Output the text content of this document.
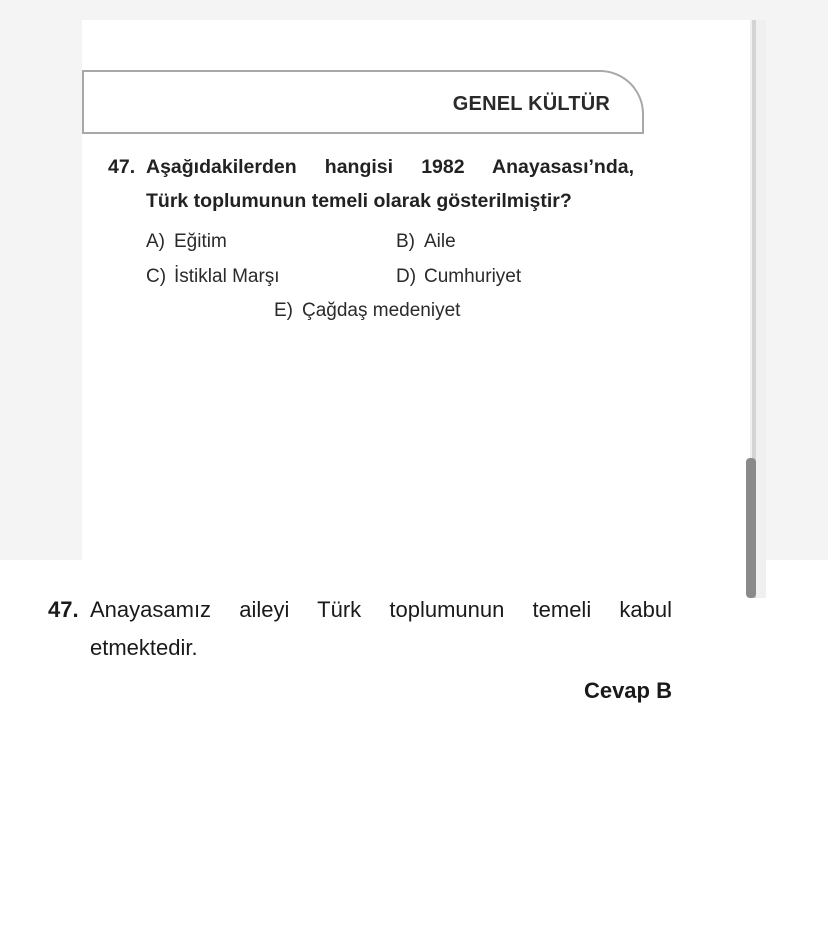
GENEL KÜLTÜR
47. Aşağıdakilerden hangisi 1982 Anayasası’nda,
Türk toplumunun temeli olarak gösterilmiştir?
A) Eğitim	B) Aile
C) İstiklal Marşı	D) Cumhuriyet
E) Çağdaş medeniyet
47. Anayasamız aileyi Türk toplumunun temeli kabul
etmektedir.
Cevap B
